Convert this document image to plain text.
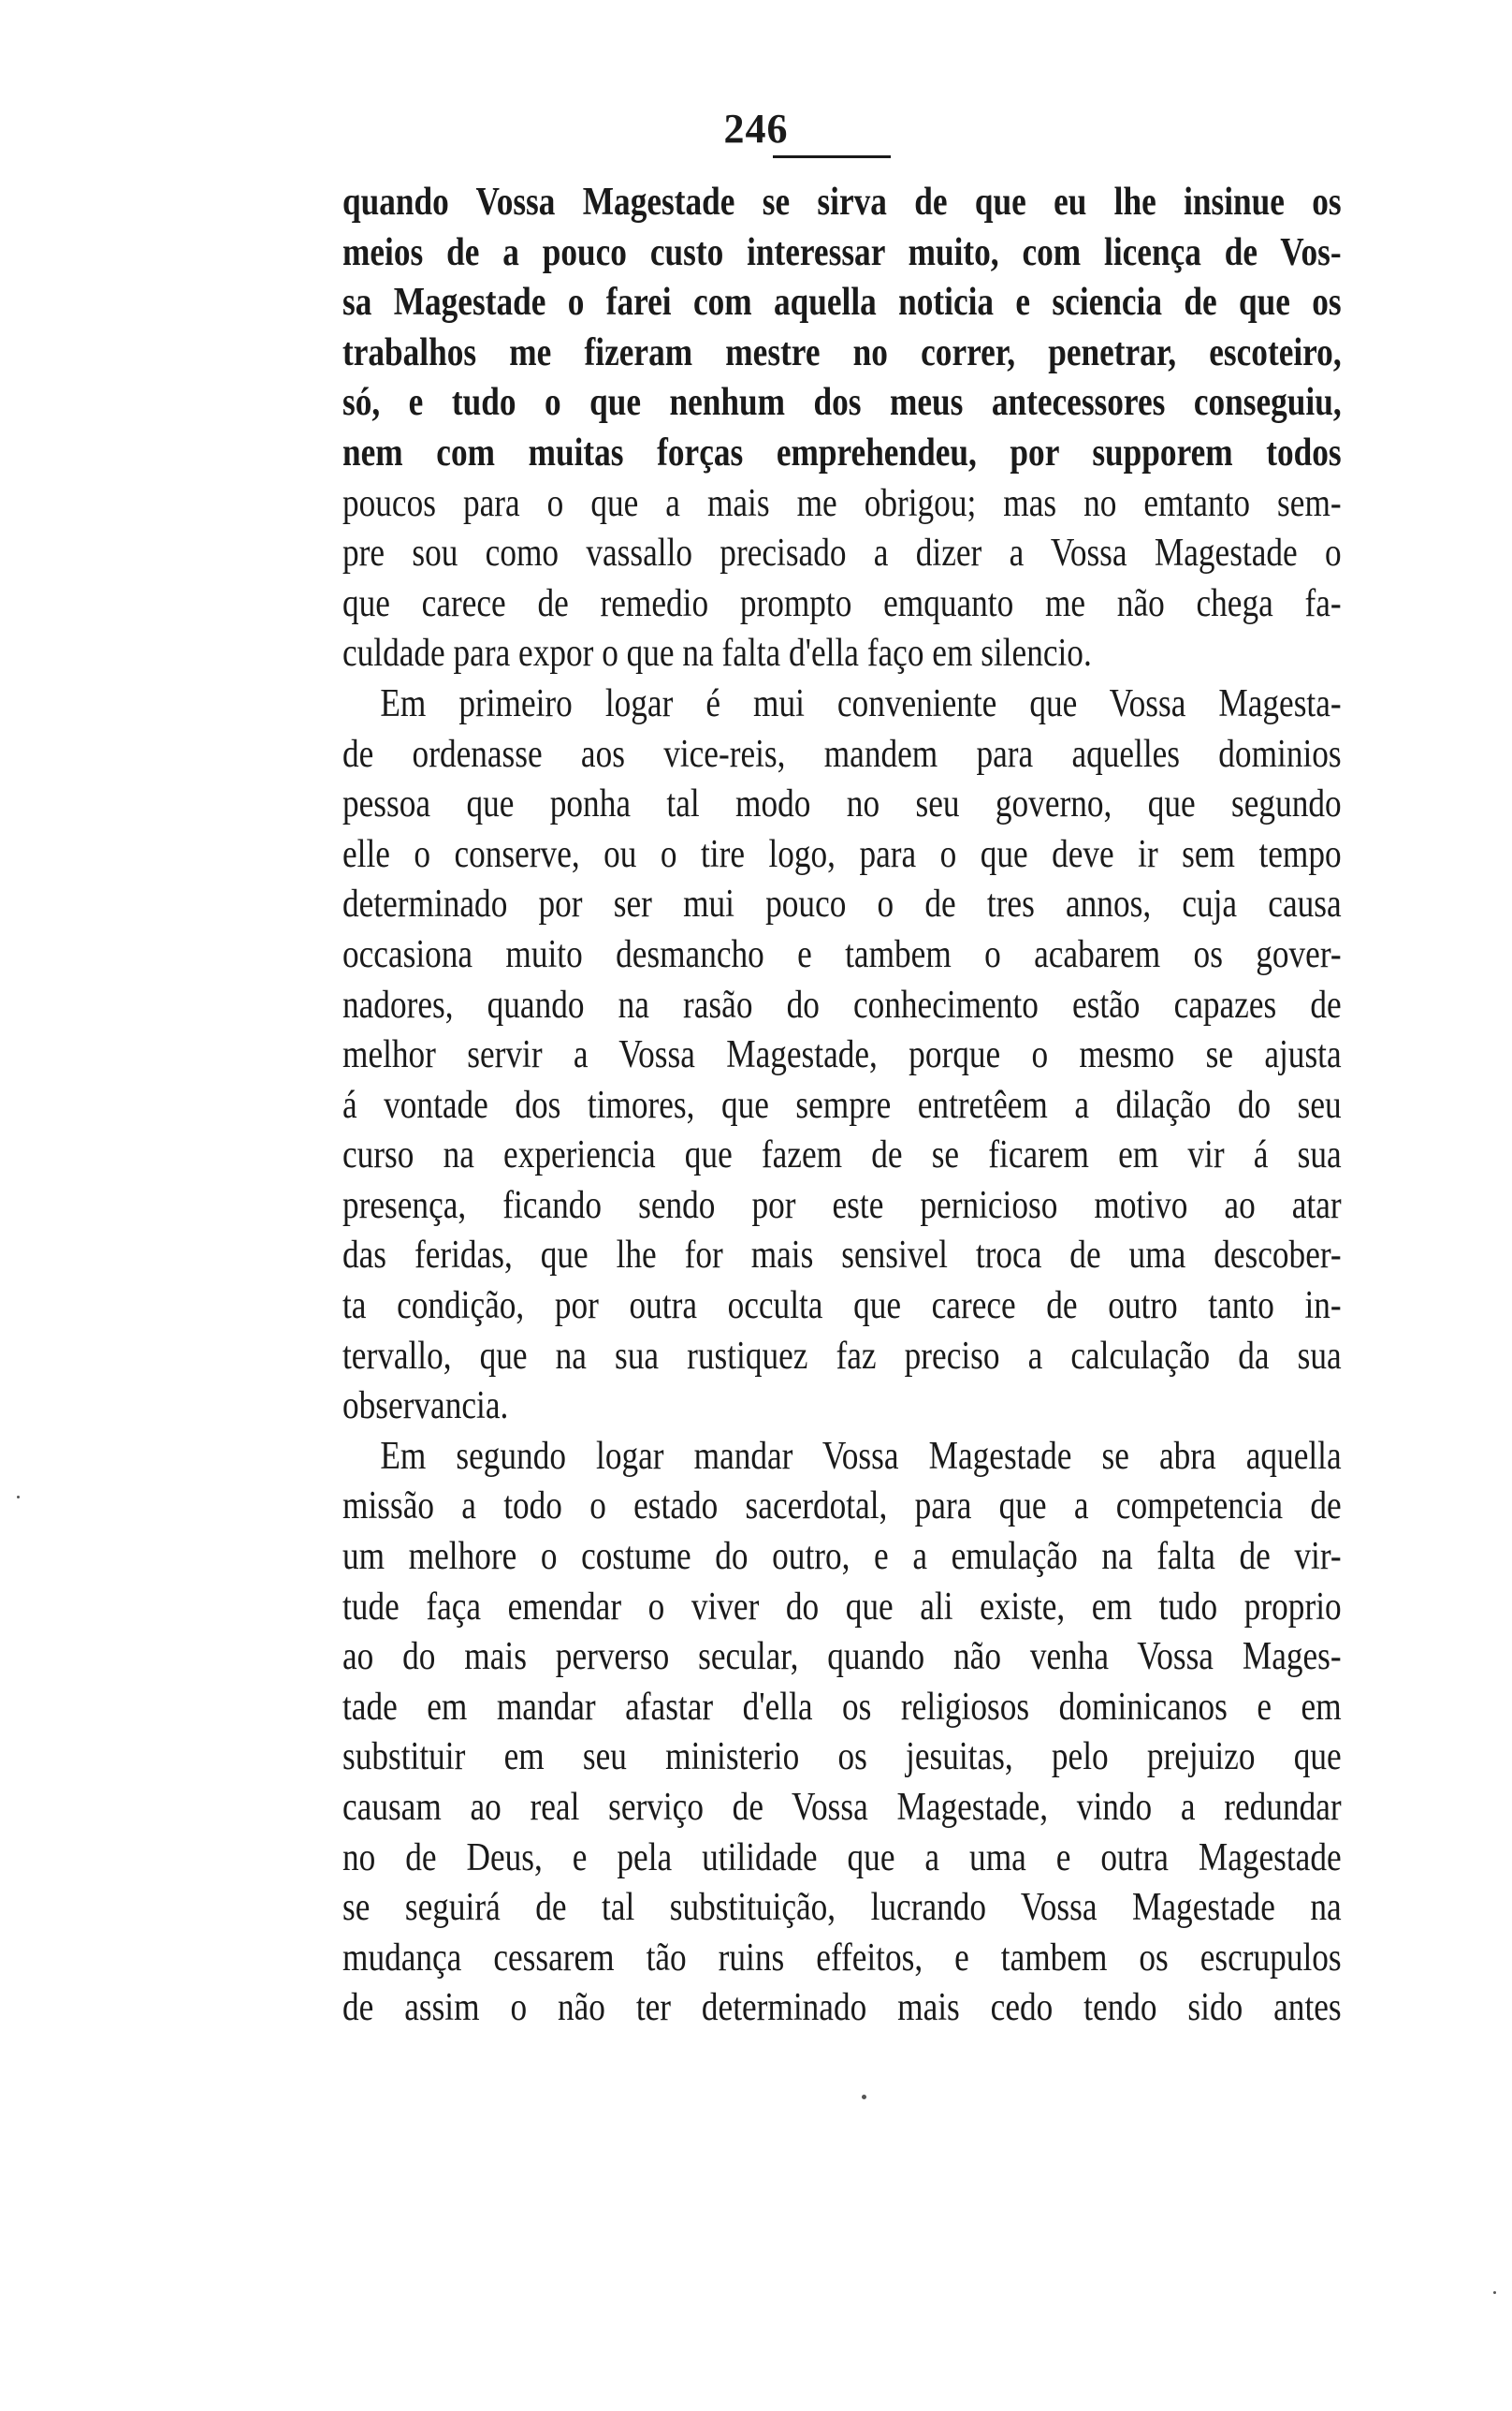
246
quando Vossa Magestade se sirva de que eu lhe insinue os
meios de a pouco custo interessar muito, com licença de Vos-
sa Magestade o farei com aquella noticia e sciencia de que os
trabalhos me fizeram mestre no correr, penetrar, escoteiro,
só, e tudo o que nenhum dos meus antecessores conseguiu,
nem com muitas forças emprehendeu, por supporem todos
poucos para o que a mais me obrigou; mas no emtanto sem-
pre sou como vassallo precisado a dizer a Vossa Magestade o
que carece de remedio prompto emquanto me não chega fa-
culdade para expor o que na falta d'ella faço em silencio.
Em primeiro logar é mui conveniente que Vossa Magesta-
de ordenasse aos vice-reis, mandem para aquelles dominios
pessoa que ponha tal modo no seu governo, que segundo
elle o conserve, ou o tire logo, para o que deve ir sem tempo
determinado por ser mui pouco o de tres annos, cuja causa
occasiona muito desmancho e tambem o acabarem os gover-
nadores, quando na rasão do conhecimento estão capazes de
melhor servir a Vossa Magestade, porque o mesmo se ajusta
á vontade dos timores, que sempre entretêem a dilação do seu
curso na experiencia que fazem de se ficarem em vir á sua
presença, ficando sendo por este pernicioso motivo ao atar
das feridas, que lhe for mais sensivel troca de uma descober-
ta condição, por outra occulta que carece de outro tanto in-
tervallo, que na sua rustiquez faz preciso a calculação da sua
observancia.
Em segundo logar mandar Vossa Magestade se abra aquella
missão a todo o estado sacerdotal, para que a competencia de
um melhore o costume do outro, e a emulação na falta de vir-
tude faça emendar o viver do que ali existe, em tudo proprio
ao do mais perverso secular, quando não venha Vossa Mages-
tade em mandar afastar d'ella os religiosos dominicanos e em
substituir em seu ministerio os jesuitas, pelo prejuizo que
causam ao real serviço de Vossa Magestade, vindo a redundar
no de Deus, e pela utilidade que a uma e outra Magestade
se seguirá de tal substituição, lucrando Vossa Magestade na
mudança cessarem tão ruins effeitos, e tambem os escrupulos
de assim o não ter determinado mais cedo tendo sido antes
